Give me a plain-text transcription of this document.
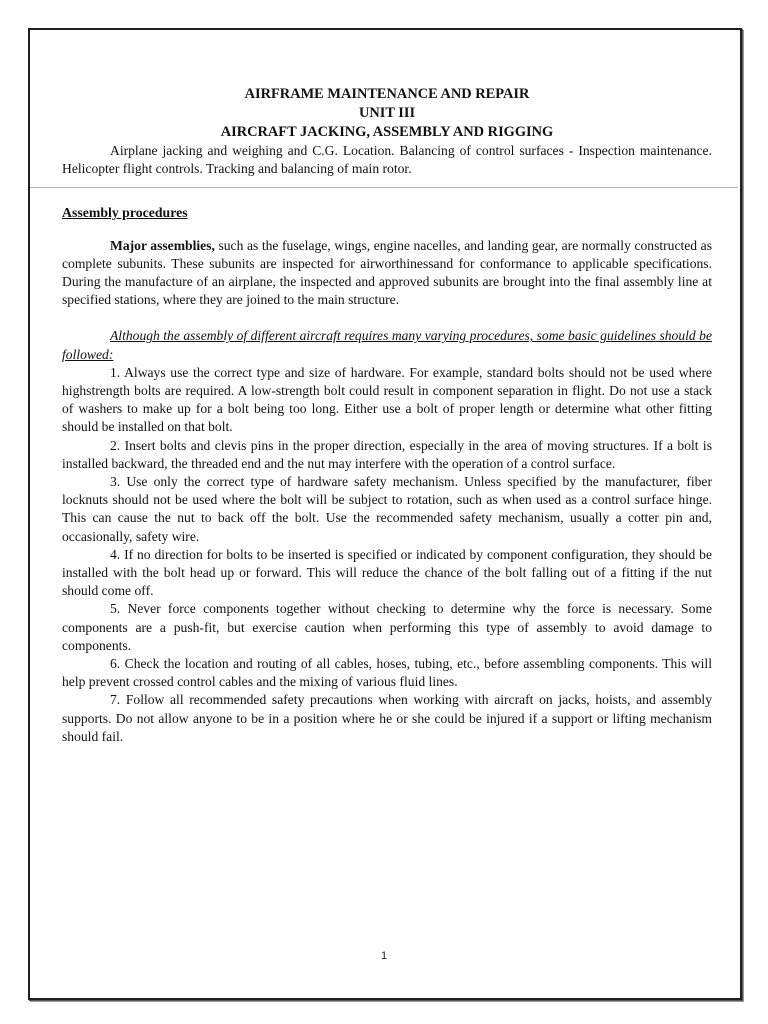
AIRFRAME MAINTENANCE AND REPAIR
UNIT III
AIRCRAFT JACKING, ASSEMBLY AND RIGGING

Airplane jacking and weighing and C.G. Location. Balancing of control surfaces - Inspection maintenance. Helicopter flight controls. Tracking and balancing of main rotor.

Assembly procedures

Major assemblies, such as the fuselage, wings, engine nacelles, and landing gear, are normally constructed as complete subunits. These subunits are inspected for airworthinessand for conformance to applicable specifications. During the manufacture of an airplane, the inspected and approved subunits are brought into the final assembly line at specified stations, where they are joined to the main structure.

Although the assembly of different aircraft requires many varying procedures, some basic guidelines should be followed:

1. Always use the correct type and size of hardware. For example, standard bolts should not be used where highstrength bolts are required. A low-strength bolt could result in component separation in flight. Do not use a stack of washers to make up for a bolt being too long. Either use a bolt of proper length or determine what other fitting should be installed on that bolt.

2. Insert bolts and clevis pins in the proper direction, especially in the area of moving structures. If a bolt is installed backward, the threaded end and the nut may interfere with the operation of a control surface.

3. Use only the correct type of hardware safety mechanism. Unless specified by the manufacturer, fiber locknuts should not be used where the bolt will be subject to rotation, such as when used as a control surface hinge. This can cause the nut to back off the bolt. Use the recommended safety mechanism, usually a cotter pin and, occasionally, safety wire.

4. If no direction for bolts to be inserted is specified or indicated by component configuration, they should be installed with the bolt head up or forward. This will reduce the chance of the bolt falling out of a fitting if the nut should come off.

5. Never force components together without checking to determine why the force is necessary. Some components are a push-fit, but exercise caution when performing this type of assembly to avoid damage to components.

6. Check the location and routing of all cables, hoses, tubing, etc., before assembling components. This will help prevent crossed control cables and the mixing of various fluid lines.

7. Follow all recommended safety precautions when working with aircraft on jacks, hoists, and assembly supports. Do not allow anyone to be in a position where he or she could be injured if a support or lifting mechanism should fail.

1
